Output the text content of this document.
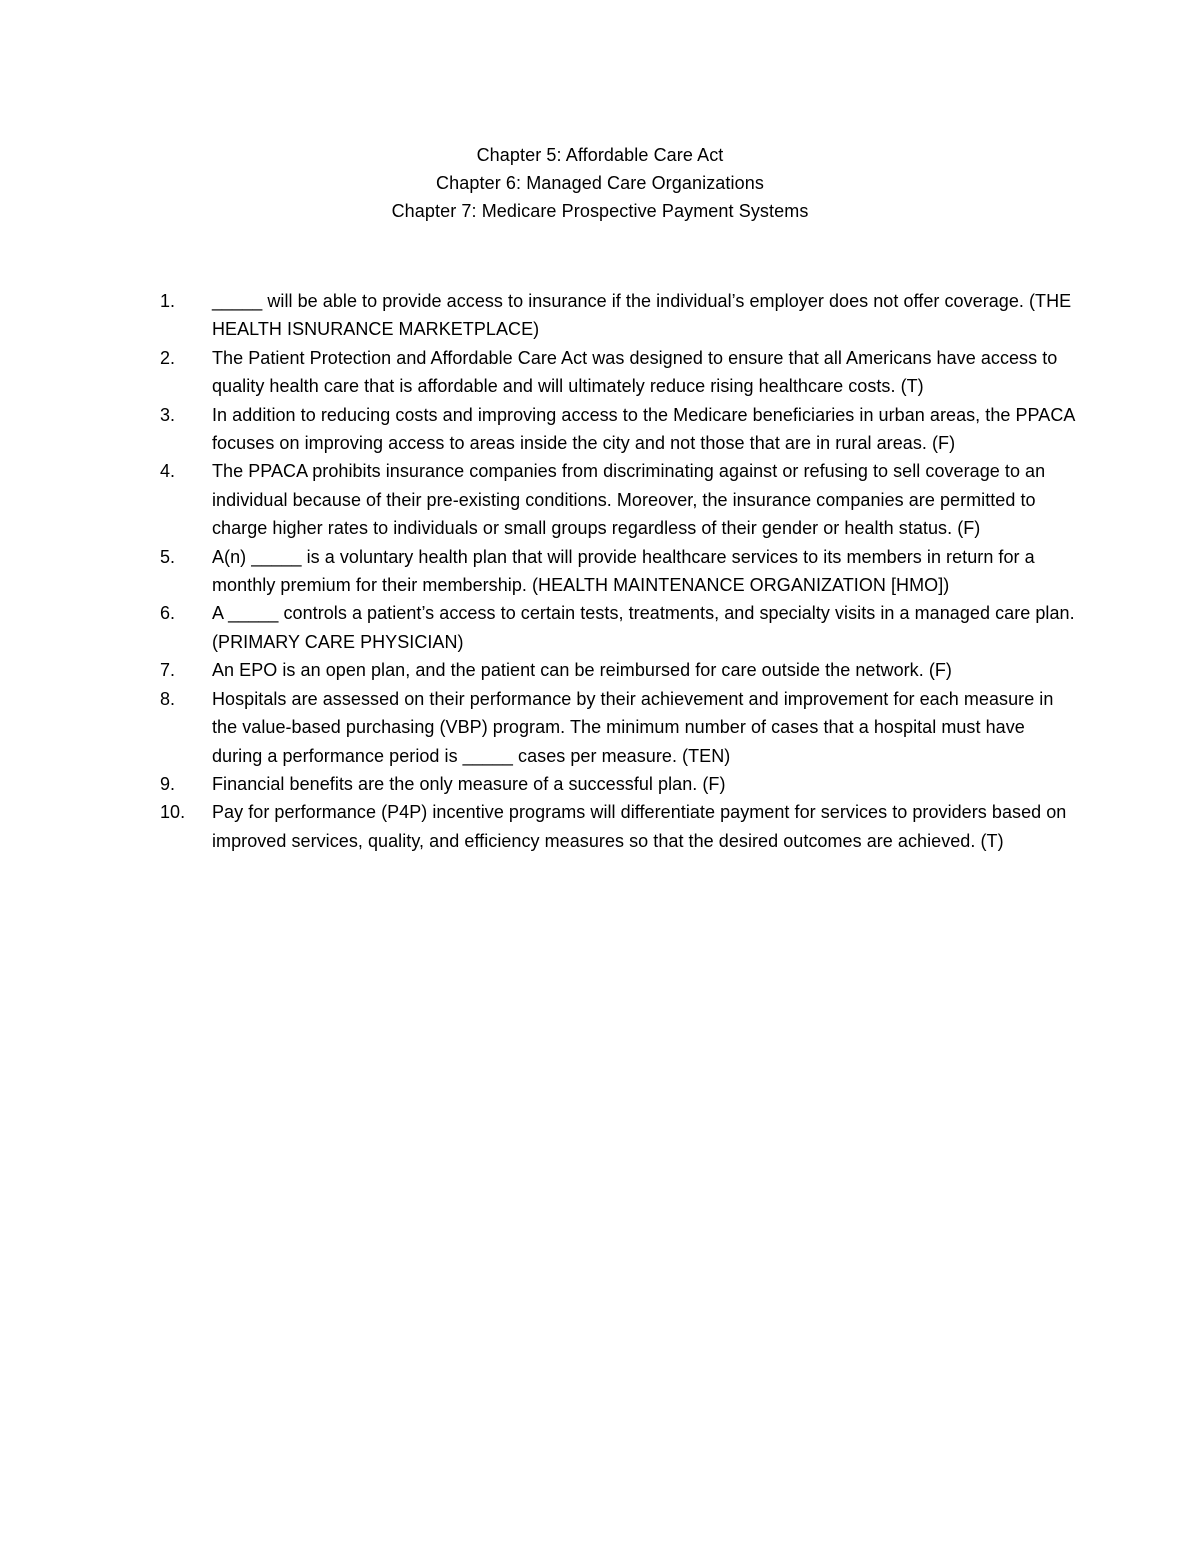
Chapter 5: Affordable Care Act
Chapter 6: Managed Care Organizations
Chapter 7: Medicare Prospective Payment Systems
1.	_____ will be able to provide access to insurance if the individual’s employer does not offer coverage. (THE HEALTH ISNURANCE MARKETPLACE)
2.	The Patient Protection and Affordable Care Act was designed to ensure that all Americans have access to quality health care that is affordable and will ultimately reduce rising healthcare costs. (T)
3.	In addition to reducing costs and improving access to the Medicare beneficiaries in urban areas, the PPACA focuses on improving access to areas inside the city and not those that are in rural areas. (F)
4.	The PPACA prohibits insurance companies from discriminating against or refusing to sell coverage to an individual because of their pre-existing conditions. Moreover, the insurance companies are permitted to charge higher rates to individuals or small groups regardless of their gender or health status. (F)
5.	A(n) _____ is a voluntary health plan that will provide healthcare services to its members in return for a monthly premium for their membership. (HEALTH MAINTENANCE ORGANIZATION [HMO])
6.	A _____ controls a patient’s access to certain tests, treatments, and specialty visits in a managed care plan. (PRIMARY CARE PHYSICIAN)
7.	An EPO is an open plan, and the patient can be reimbursed for care outside the network. (F)
8.	Hospitals are assessed on their performance by their achievement and improvement for each measure in the value-based purchasing (VBP) program. The minimum number of cases that a hospital must have during a performance period is _____ cases per measure. (TEN)
9.	Financial benefits are the only measure of a successful plan. (F)
10.	Pay for performance (P4P) incentive programs will differentiate payment for services to providers based on improved services, quality, and efficiency measures so that the desired outcomes are achieved. (T)
